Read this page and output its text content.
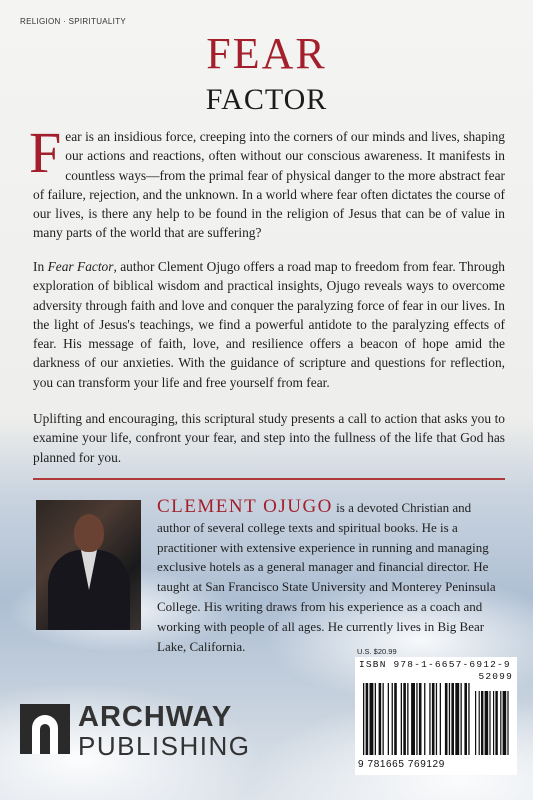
RELIGION · SPIRITUALITY
FEAR
FACTOR
Fear is an insidious force, creeping into the corners of our minds and lives, shaping our actions and reactions, often without our conscious awareness. It manifests in countless ways—from the primal fear of physical danger to the more abstract fear of failure, rejection, and the unknown. In a world where fear often dictates the course of our lives, is there any help to be found in the religion of Jesus that can be of value in many parts of the world that are suffering?
In Fear Factor, author Clement Ojugo offers a road map to freedom from fear. Through exploration of biblical wisdom and practical insights, Ojugo reveals ways to overcome adversity through faith and love and conquer the paralyzing force of fear in our lives. In the light of Jesus's teachings, we find a powerful antidote to the paralyzing effects of fear. His message of faith, love, and resilience offers a beacon of hope amid the darkness of our anxieties. With the guidance of scripture and questions for reflection, you can transform your life and free yourself from fear.
Uplifting and encouraging, this scriptural study presents a call to action that asks you to examine your life, confront your fear, and step into the fullness of the life that God has planned for you.
CLEMENT OJUGO is a devoted Christian and author of several college texts and spiritual books. He is a practitioner with extensive experience in running and managing exclusive hotels as a general manager and financial director. He taught at San Francisco State University and Monterey Peninsula College. His writing draws from his experience as a coach and working with people of all ages. He currently lives in Big Bear Lake, California.	U.S. $20.99
ISBN 978-1-6657-6912-9
52099
9 781665 769129
ARCHWAY
PUBLISHING
